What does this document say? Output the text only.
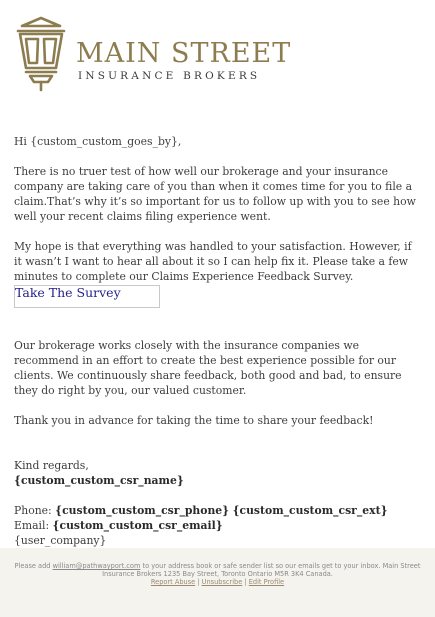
MAIN STREET
INSURANCE BROKERS

Hi {custom_custom_goes_by},

There is no truer test of how well our brokerage and your insurance company are taking care of you than when it comes time for you to file a claim.That’s why it’s so important for us to follow up with you to see how well your recent claims filing experience went.

My hope is that everything was handled to your satisfaction. However, if it wasn’t I want to hear all about it so I can help fix it. Please take a few minutes to complete our Claims Experience Feedback Survey.

Take The Survey

Our brokerage works closely with the insurance companies we recommend in an effort to create the best experience possible for our clients. We continuously share feedback, both good and bad, to ensure they do right by you, our valued customer.

Thank you in advance for taking the time to share your feedback!

Kind regards,

{custom_custom_csr_name}

Phone: {custom_custom_csr_phone} {custom_custom_csr_ext}

Email: {custom_custom_csr_email}

{user_company}

Please add william@pathwayport.com to your address book or safe sender list so our emails get to your inbox. Main Street Insurance Brokers 1235 Bay Street, Toronto Ontario M5R 3K4 Canada.
Report Abuse | Unsubscribe | Edit Profile
